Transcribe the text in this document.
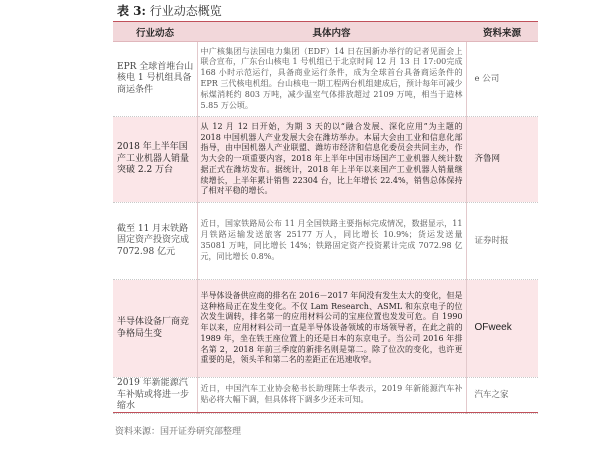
表 3: 行业动态概览
行业动态	具体内容	资料来源
EPR 全球首堆台山核电 1 号机组具备商运条件	中广核集团与法国电力集团（EDF）14 日在国新办举行的记者见面会上联合宣布，广东台山核电 1 号机组已于北京时间 12 月 13 日 17:00完成 168 小时示范运行，具备商业运行条件，成为全球首台具备商运条件的 EPR 三代核电机组。台山核电一期工程两台机组建成后，预计每年可减少标煤消耗约 803 万吨，减少温室气体排放超过 2109 万吨，相当于造林 5.85 万公顷。	e 公司
2018 年上半年国产工业机器人销量突破 2.2 万台	从 12 月 12 日开始，为期 3 天的以“融合发展、深化应用”为主题的 2018 中国机器人产业发展大会在潍坊举办。本届大会由工业和信息化部指导，由中国机器人产业联盟、潍坊市经济和信息化委员会共同主办，作为大会的一项重要内容，2018 年上半年中国市场国产工业机器人统计数据正式在潍坊发布。据统计，2018 年上半年以来国产工业机器人销量继续增长，上半年累计销售 22304 台，比上年增长 22.4%，销售总体保持了相对平稳的增长。	齐鲁网
截至 11 月末铁路固定资产投资完成 7072.98 亿元	近日，国家铁路局公布 11 月全国铁路主要指标完成情况，数据显示，11 月铁路运输发送旅客 25177 万人，同比增长 10.9%；货运发送量 35081 万吨，同比增长 14%；铁路固定资产投资累计完成 7072.98 亿元，同比增长 0.8%。	证券时报
半导体设备厂商竞争格局生变	半导体设备供应商的排名在 2016－2017 年间没有发生太大的变化，但是这种格局正在发生变化。不仅 Lam Research、ASML 和东京电子的位次发生调转，排名第一的应用材料公司的宝座位置也发发可危。自 1990 年以来，应用材料公司一直是半导体设备领域的市场领导者，在此之前的 1989 年，坐在铁王座位置上的还是日本的东京电子。当公司 2016 年排名第 2，2018 年前三季度的新排名则是第二。除了位次的变化，也许更重要的是，领头羊和第二名的差距正在迅速收窄。	OFweek
2019 年新能源汽车补贴或将进一步缩水	近日，中国汽车工业协会秘书长助理陈士华表示，2019 年新能源汽车补贴必将大幅下调，但具体将下调多少还未可知。	汽车之家
资料来源：国开证券研究部整理
